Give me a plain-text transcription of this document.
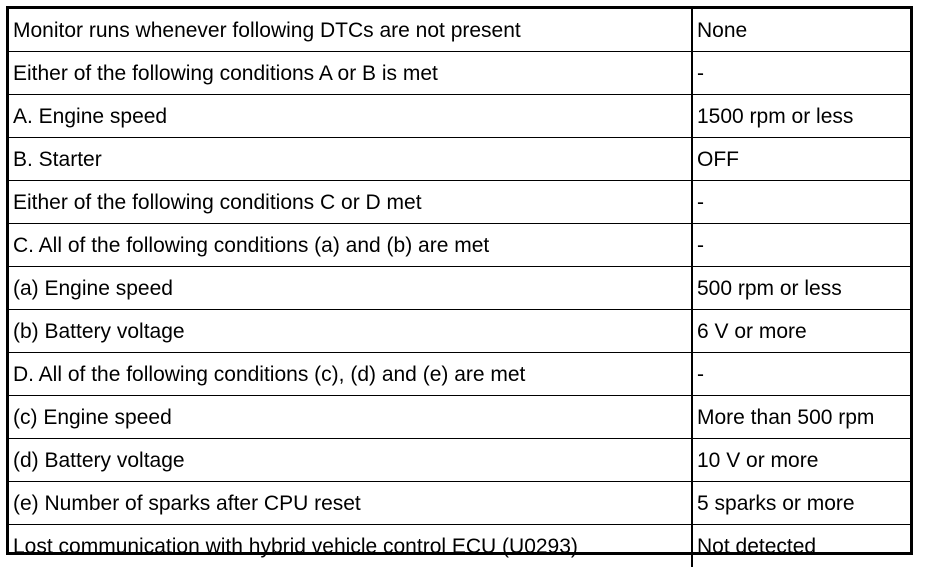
Monitor runs whenever following DTCs are not present	None
Either of the following conditions A or B is met	-
A. Engine speed	1500 rpm or less
B. Starter	OFF
Either of the following conditions C or D met	-
C. All of the following conditions (a) and (b) are met	-
(a) Engine speed	500 rpm or less
(b) Battery voltage	6 V or more
D. All of the following conditions (c), (d) and (e) are met	-
(c) Engine speed	More than 500 rpm
(d) Battery voltage	10 V or more
(e) Number of sparks after CPU reset	5 sparks or more
Lost communication with hybrid vehicle control ECU (U0293)	Not detected
